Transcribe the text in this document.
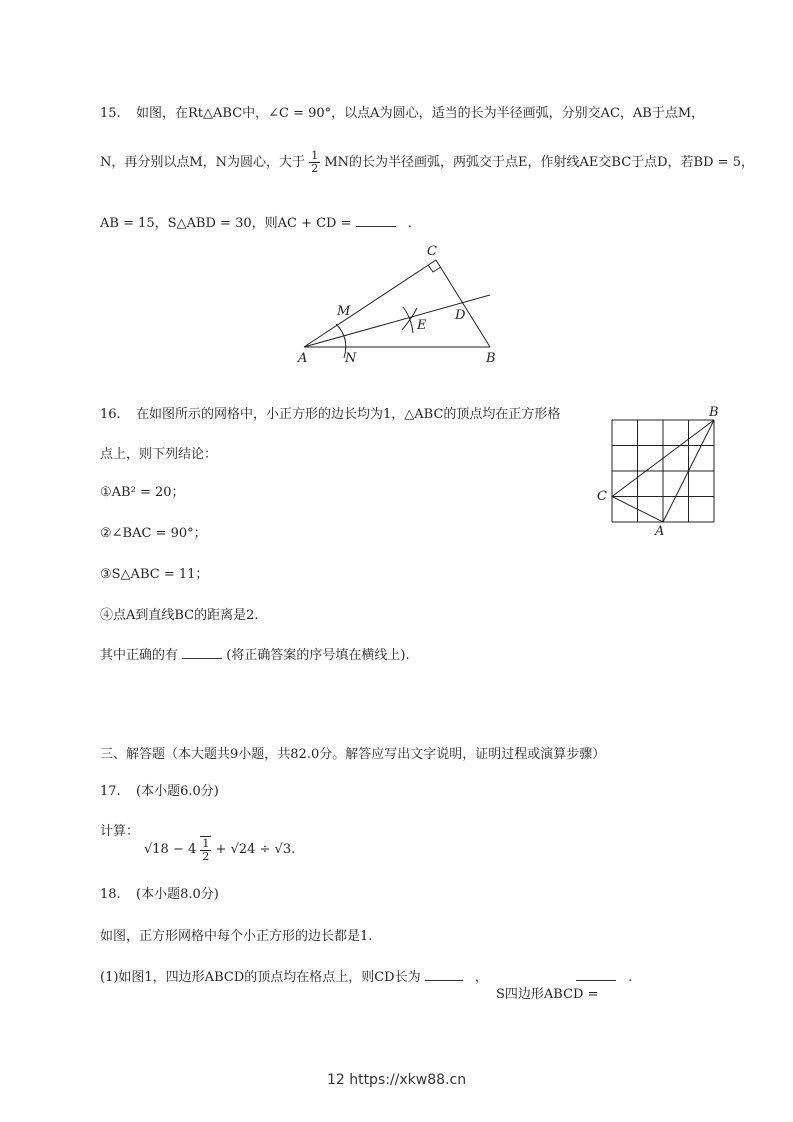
15. 如图，在Rt△ABC中，∠C = 90°，以点A为圆心，适当的长为半径画弧，分别交AC，AB于点M，
N，再分别以点M，N为圆心，大于 $\frac{1}{2}$ MN的长为半径画弧，两弧交于点E，作射线AE交BC于点D，若BD = 5，
AB = 15，S△ABD = 30，则AC + CD =	.
C
M
E
D
A	N	B
16. 在如图所示的网格中，小正方形的边长均为1，△ABC的顶点均在正方形格
点上，则下列结论：
①AB² = 20；
②∠BAC = 90°；
③S△ABC = 11；
④点A到直线BC的距离是2.
其中正确的有	(将正确答案的序号填在横线上).
B
C
A
三、解答题（本大题共9小题，共82.0分。解答应写出文字说明，证明过程或演算步骤）
17. (本小题6.0分)
计算：
$√18 - 4 \frac{1}{2} + √24 \div √3$.
18. (本小题8.0分)
如图，正方形网格中每个小正方形的边长都是1.
(1)如图1，四边形ABCD的顶点均在格点上，则CD长为	，
S四边形ABCD =
.
12 https://xkw88.cn
